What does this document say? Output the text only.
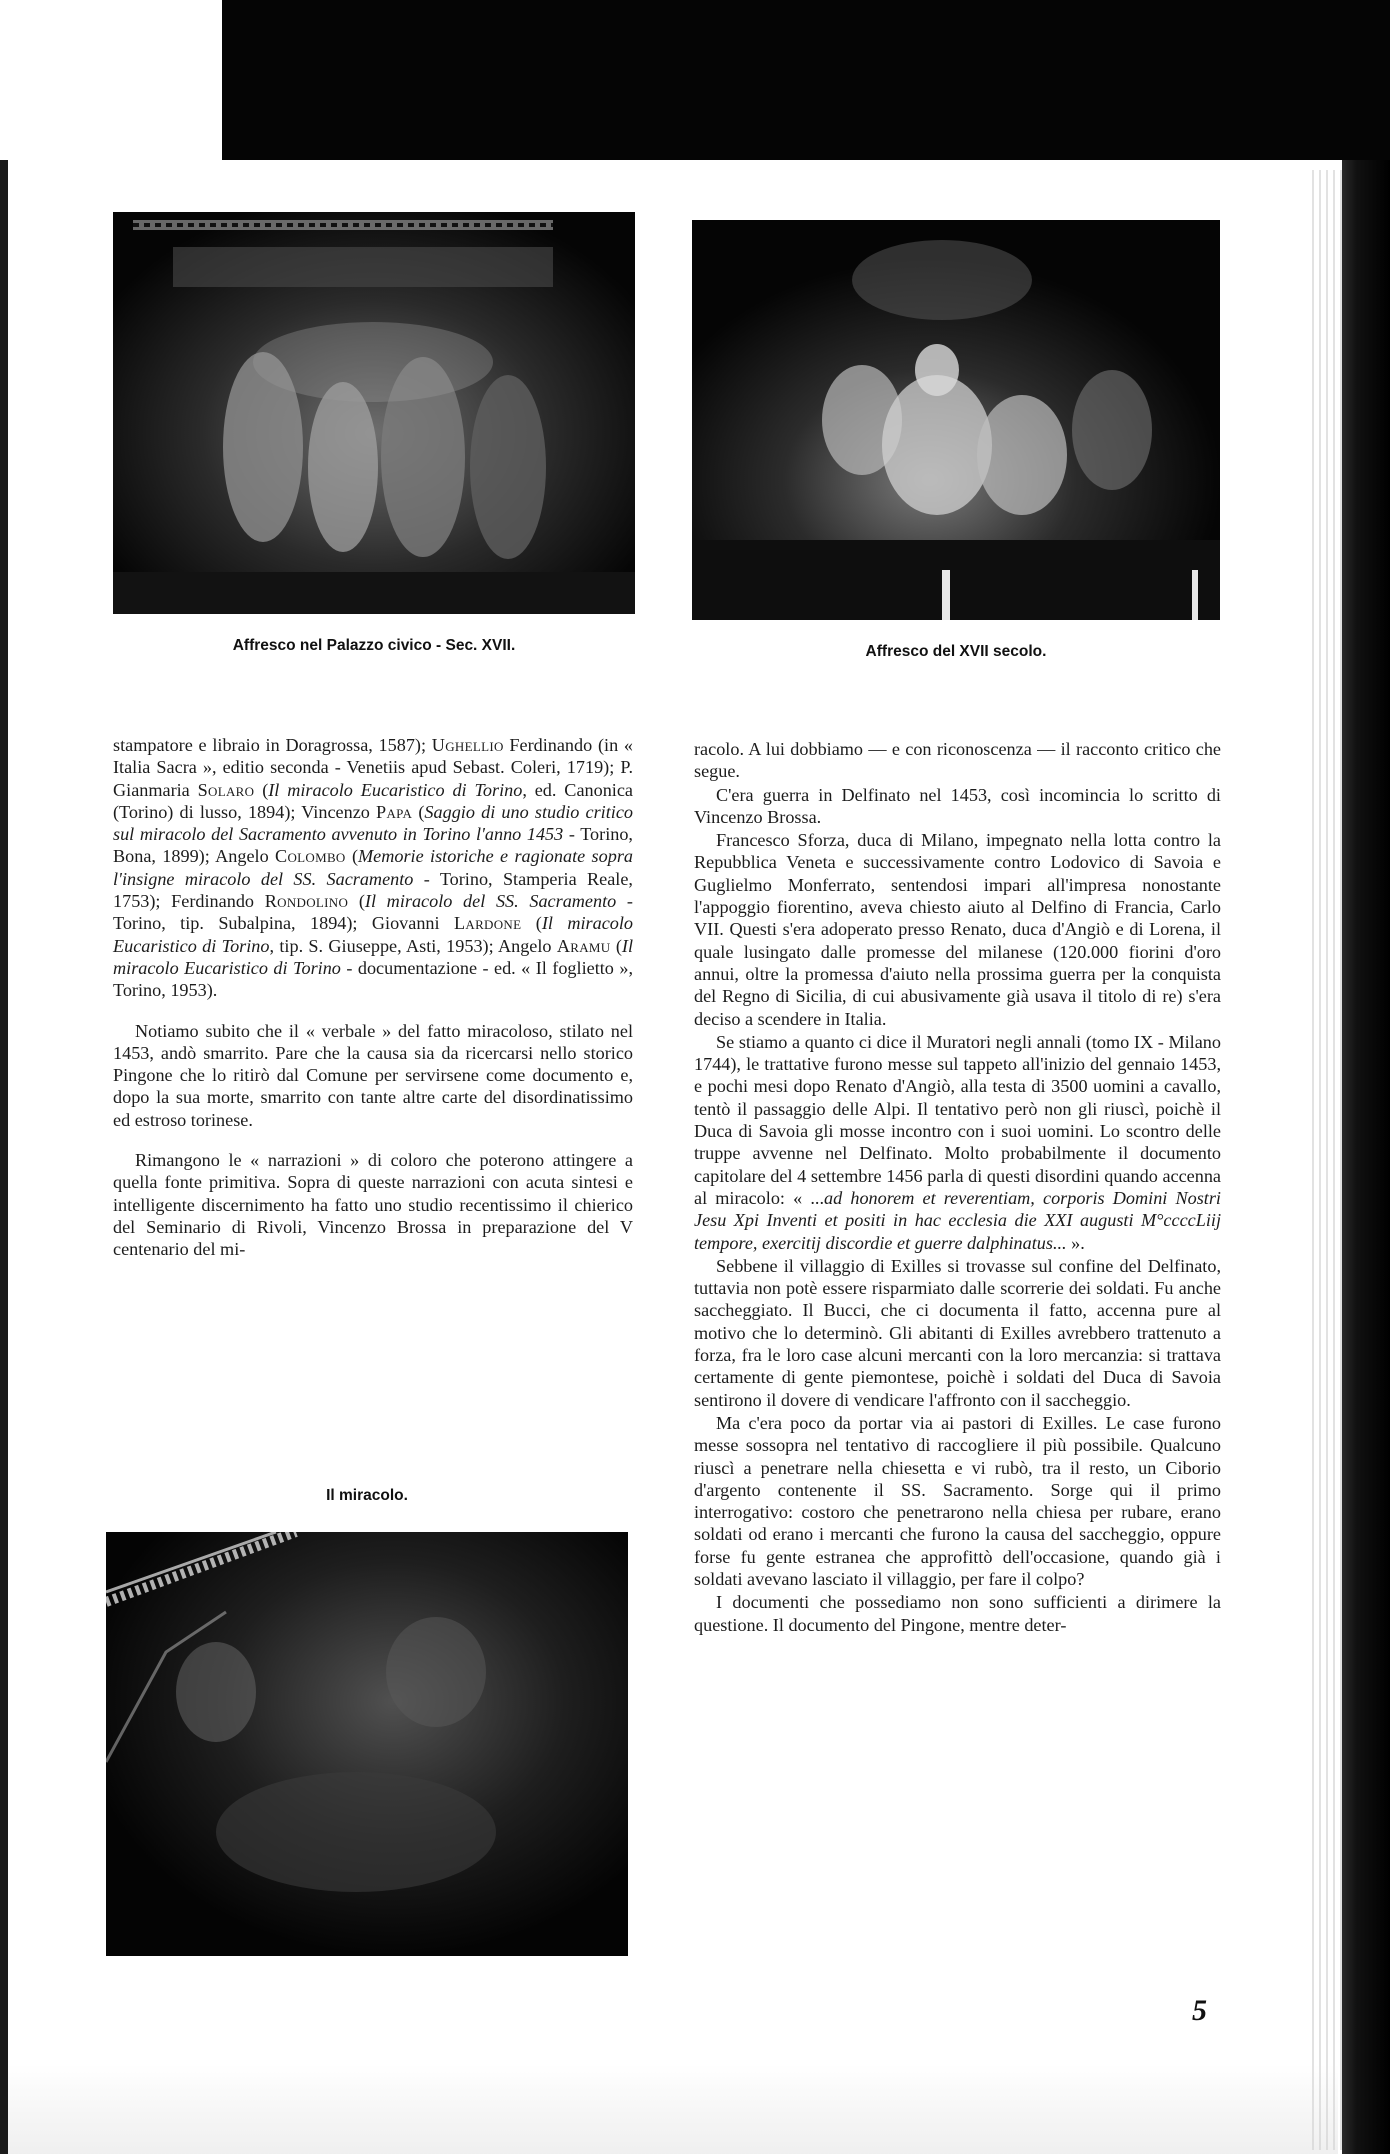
Affresco nel Palazzo civico - Sec. XVII.	Affresco del XVII secolo.

stampatore e libraio in Doragrossa, 1587); Ughellio Ferdinando (in « Italia Sacra », editio seconda - Venetiis apud Sebast. Coleri, 1719); P. Gianmaria Solaro (Il miracolo Eucaristico di Torino, ed. Canonica (Torino) di lusso, 1894); Vincenzo Papa (Saggio di uno studio critico sul miracolo del Sacramento avvenuto in Torino l'anno 1453 - Torino, Bona, 1899); Angelo Colombo (Memorie istoriche e ragionate sopra l'insigne miracolo del SS. Sacramento - Torino, Stamperia Reale, 1753); Ferdinando Rondolino (Il miracolo del SS. Sacramento - Torino, tip. Subalpina, 1894); Giovanni Lardone (Il miracolo Eucaristico di Torino, tip. S. Giuseppe, Asti, 1953); Angelo Aramu (Il miracolo Eucaristico di Torino - documentazione - ed. « Il foglietto », Torino, 1953).

Notiamo subito che il « verbale » del fatto miracoloso, stilato nel 1453, andò smarrito. Pare che la causa sia da ricercarsi nello storico Pingone che lo ritirò dal Comune per servirsene come documento e, dopo la sua morte, smarrito con tante altre carte del disordinatissimo ed estroso torinese.

Rimangono le « narrazioni » di coloro che poterono attingere a quella fonte primitiva. Sopra di queste narrazioni con acuta sintesi e intelligente discernimento ha fatto uno studio recentissimo il chierico del Seminario di Rivoli, Vincenzo Brossa in preparazione del V centenario del mi-

Il miracolo.

racolo. A lui dobbiamo — e con riconoscenza — il racconto critico che segue.

C'era guerra in Delfinato nel 1453, così incomincia lo scritto di Vincenzo Brossa.

Francesco Sforza, duca di Milano, impegnato nella lotta contro la Repubblica Veneta e successivamente contro Lodovico di Savoia e Guglielmo Monferrato, sentendosi impari all'impresa nonostante l'appoggio fiorentino, aveva chiesto aiuto al Delfino di Francia, Carlo VII. Questi s'era adoperato presso Renato, duca d'Angiò e di Lorena, il quale lusingato dalle promesse del milanese (120.000 fiorini d'oro annui, oltre la promessa d'aiuto nella prossima guerra per la conquista del Regno di Sicilia, di cui abusivamente già usava il titolo di re) s'era deciso a scendere in Italia.

Se stiamo a quanto ci dice il Muratori negli annali (tomo IX - Milano 1744), le trattative furono messe sul tappeto all'inizio del gennaio 1453, e pochi mesi dopo Renato d'Angiò, alla testa di 3500 uomini a cavallo, tentò il passaggio delle Alpi. Il tentativo però non gli riuscì, poichè il Duca di Savoia gli mosse incontro con i suoi uomini. Lo scontro delle truppe avvenne nel Delfinato. Molto probabilmente il documento capitolare del 4 settembre 1456 parla di questi disordini quando accenna al miracolo: « ...ad honorem et reverentiam, corporis Domini Nostri Jesu Xpi Inventi et positi in hac ecclesia die XXI augusti M°ccccLiij tempore, exercitij discordie et guerre dalphinatus... ».

Sebbene il villaggio di Exilles si trovasse sul confine del Delfinato, tuttavia non potè essere risparmiato dalle scorrerie dei soldati. Fu anche saccheggiato. Il Bucci, che ci documenta il fatto, accenna pure al motivo che lo determinò. Gli abitanti di Exilles avrebbero trattenuto a forza, fra le loro case alcuni mercanti con la loro mercanzia: si trattava certamente di gente piemontese, poichè i soldati del Duca di Savoia sentirono il dovere di vendicare l'affronto con il saccheggio.

Ma c'era poco da portar via ai pastori di Exilles. Le case furono messe sossopra nel tentativo di raccogliere il più possibile. Qualcuno riuscì a penetrare nella chiesetta e vi rubò, tra il resto, un Ciborio d'argento contenente il SS. Sacramento. Sorge qui il primo interrogativo: costoro che penetrarono nella chiesa per rubare, erano soldati od erano i mercanti che furono la causa del saccheggio, oppure forse fu gente estranea che approfittò dell'occasione, quando già i soldati avevano lasciato il villaggio, per fare il colpo?

I documenti che possediamo non sono sufficienti a dirimere la questione. Il documento del Pingone, mentre deter-

5
